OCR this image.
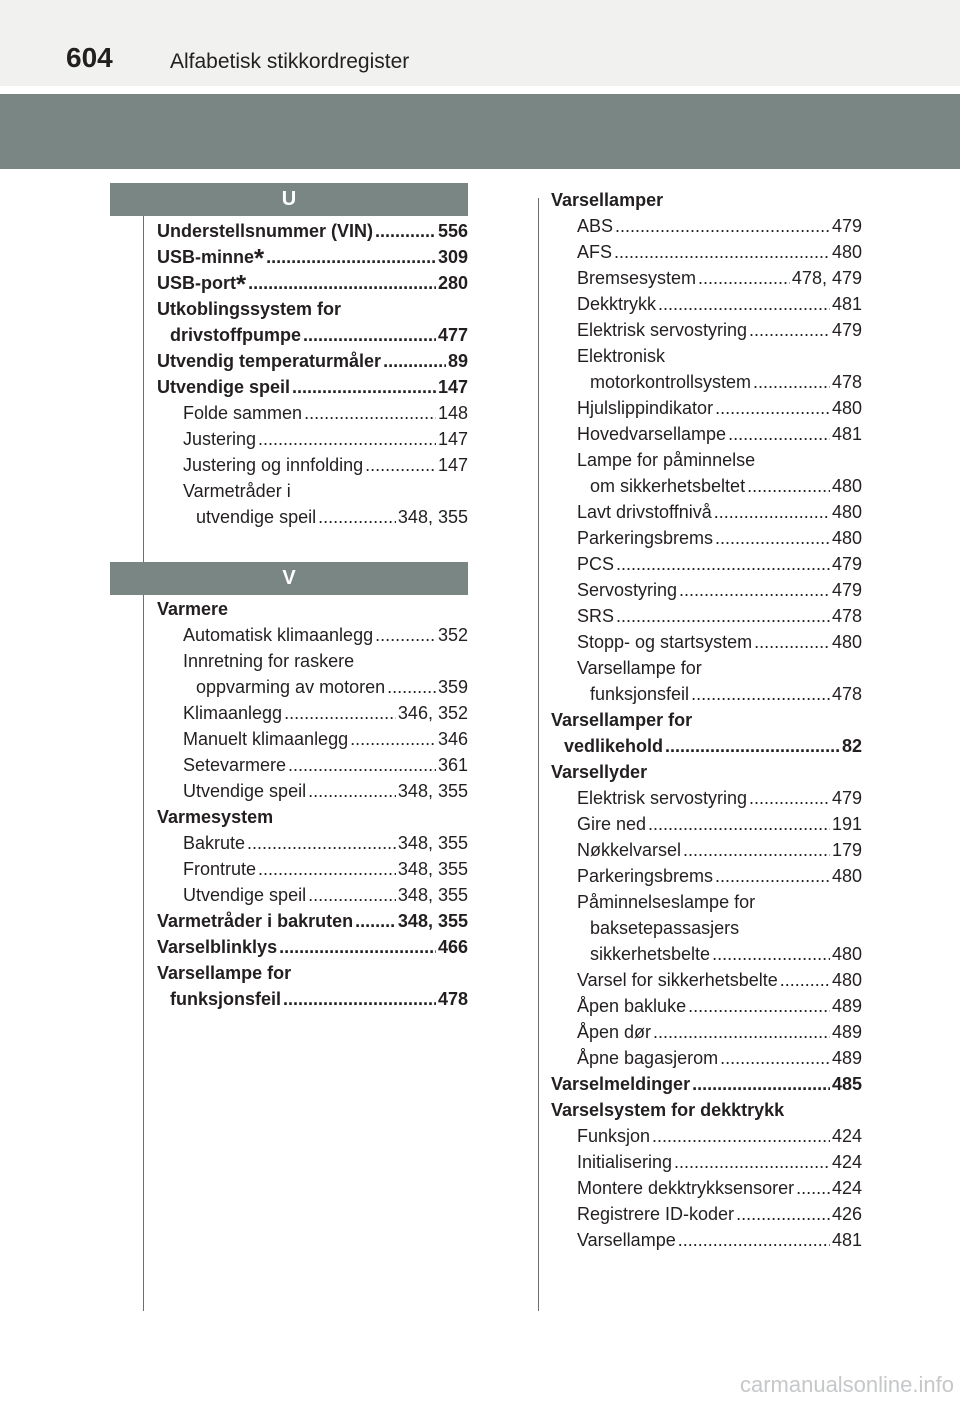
604	Alfabetisk stikkordregister
U
V
Understellsnummer (VIN) .....	556
USB-minne* .....	309
USB-port* .....	280
Utkoblingssystem for
drivstoffpumpe .....	477
Utvendig temperaturmåler .....	89
Utvendige speil .....	147
Folde sammen .....	148
Justering .....	147
Justering og innfolding .....	147
Varmetråder i
utvendige speil .....	348, 355
Varmere
Automatisk klimaanlegg .....	352
Innretning for raskere
oppvarming av motoren .....	359
Klimaanlegg .....	346, 352
Manuelt klimaanlegg .....	346
Setevarmere .....	361
Utvendige speil .....	348, 355
Varmesystem
Bakrute .....	348, 355
Frontrute .....	348, 355
Utvendige speil .....	348, 355
Varmetråder i bakruten ..... 348, 355
Varselblinklys .....	466
Varsellampe for
funksjonsfeil .....	478
Varsellamper
ABS .....	479
AFS .....	480
Bremsesystem .....	478, 479
Dekktrykk .....	481
Elektrisk servostyring .....	479
Elektronisk
motorkontrollsystem .....	478
Hjulslippindikator .....	480
Hovedvarsellampe .....	481
Lampe for påminnelse
om sikkerhetsbeltet .....	480
Lavt drivstoffnivå .....	480
Parkeringsbrems .....	480
PCS .....	479
Servostyring .....	479
SRS .....	478
Stopp- og startsystem .....	480
Varsellampe for
funksjonsfeil .....	478
Varsellamper for
vedlikehold .....	82
Varsellyder
Elektrisk servostyring .....	479
Gire ned .....	191
Nøkkelvarsel .....	179
Parkeringsbrems .....	480
Påminnelseslampe for
baksetepassasjers
sikkerhetsbelte .....	480
Varsel for sikkerhetsbelte .....	480
Åpen bakluke .....	489
Åpen dør .....	489
Åpne bagasjerom .....	489
Varselmeldinger .....	485
Varselsystem for dekktrykk
Funksjon .....	424
Initialisering .....	424
Montere dekktrykksensorer ..... 424
Registrere ID-koder .....	426
Varsellampe .....	481
carmanualsonline.info
